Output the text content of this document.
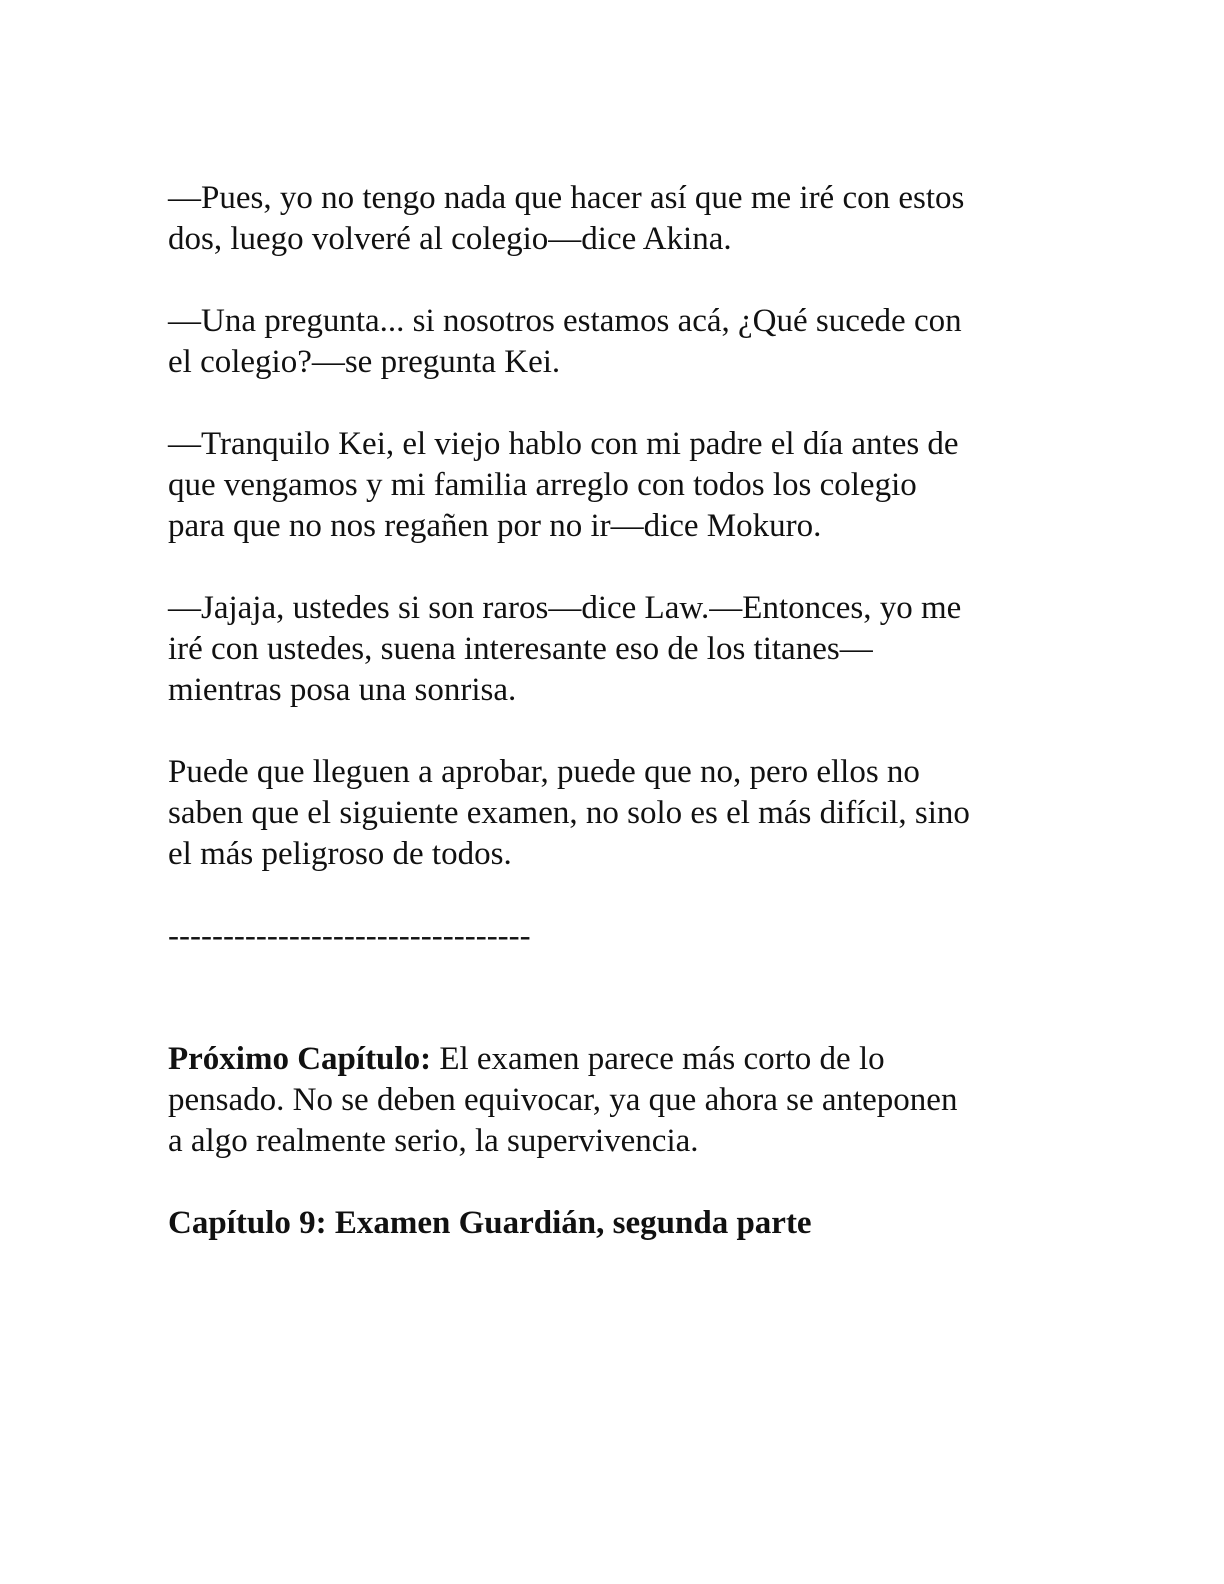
—Pues, yo no tengo nada que hacer así que me iré con estos
dos, luego volveré al colegio—dice Akina.

—Una pregunta... si nosotros estamos acá, ¿Qué sucede con
el colegio?—se pregunta Kei.

—Tranquilo Kei, el viejo hablo con mi padre el día antes de
que vengamos y mi familia arreglo con todos los colegio
para que no nos regañen por no ir—dice Mokuro.

—Jajaja, ustedes si son raros—dice Law.—Entonces, yo me
iré con ustedes, suena interesante eso de los titanes—
mientras posa una sonrisa.

Puede que lleguen a aprobar, puede que no, pero ellos no
saben que el siguiente examen, no solo es el más difícil, sino
el más peligroso de todos.

---------------------------------

Próximo Capítulo: El examen parece más corto de lo
pensado. No se deben equivocar, ya que ahora se anteponen
a algo realmente serio, la supervivencia.

Capítulo 9: Examen Guardián, segunda parte
